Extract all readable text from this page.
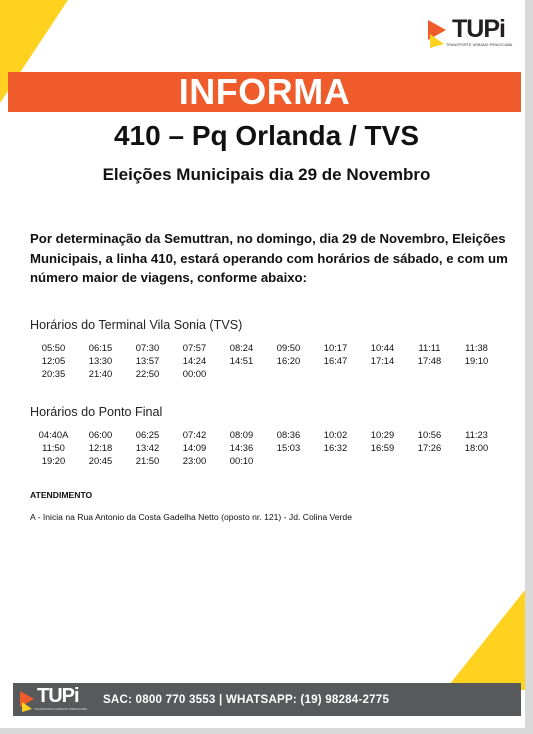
TUPi
TRANSPORTE URBANO PIRACICABA
INFORMA
410 – Pq Orlanda / TVS
Eleições Municipais dia 29 de Novembro
Por determinação da Semuttran, no domingo, dia 29 de Novembro, Eleições Municipais, a linha 410, estará operando com horários de sábado, e com um número maior de viagens, conforme abaixo:
Horários do Terminal Vila Sonia (TVS)
05:50	06:15	07:30	07:57	08:24	09:50	10:17	10:44	11:11	11:38
12:05	13:30	13:57	14:24	14:51	16:20	16:47	17:14	17:48	19:10
20:35	21:40	22:50	00:00
Horários do Ponto Final
04:40A	06:00	06:25	07:42	08:09	08:36	10:02	10:29	10:56	11:23
11:50	12:18	13:42	14:09	14:36	15:03	16:32	16:59	17:26	18:00
19:20	20:45	21:50	23:00	00:10
ATENDIMENTO
A - Inicia na Rua Antonio da Costa Gadelha Netto (oposto nr. 121) - Jd. Colina Verde
TUPi
TRANSPORTE URBANO PIRACICABA
SAC: 0800 770 3553 | WHATSAPP: (19) 98284-2775
